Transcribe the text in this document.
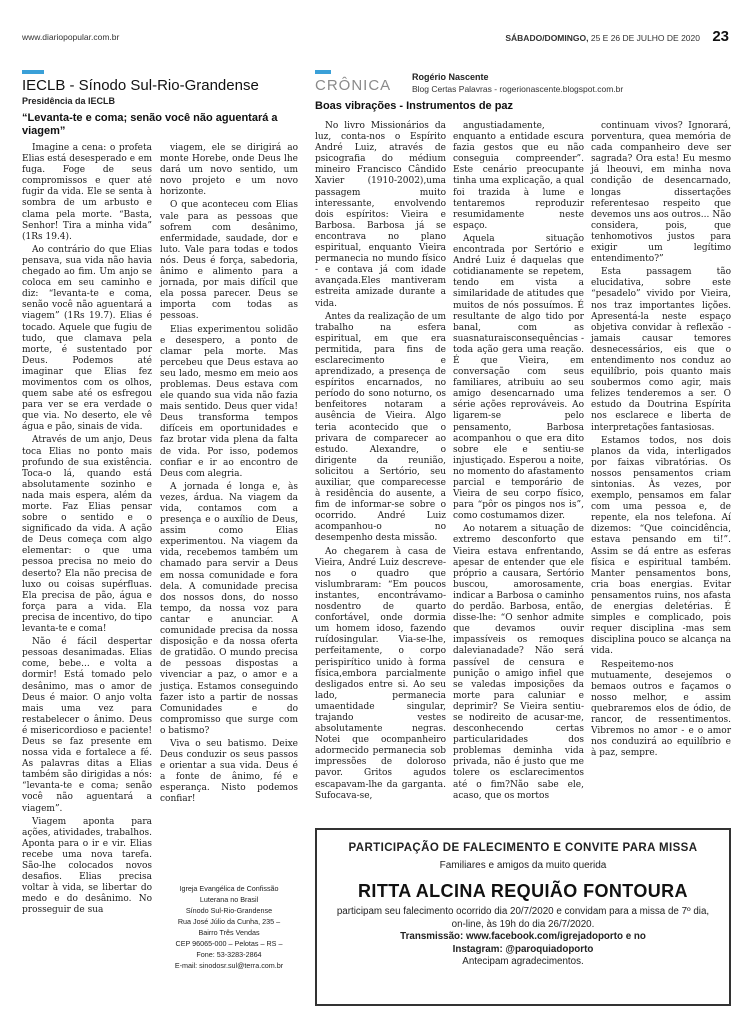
www.diariopopular.com.br	SÁBADO/DOMINGO, 25 E 26 DE JULHO DE 2020 23
IECLB - Sínodo Sul-Rio-Grandense
Presidência da IECLB
“Levanta-te e coma; senão você não aguentará a viagem”

Imagine a cena: o profeta Elias está desesperado e em fuga. Foge de seus compromissos e quer até fugir da vida. Ele se senta à sombra de um arbusto e clama pela morte. “Basta, Senhor! Tira a minha vida” (1Rs 19.4).

Ao contrário do que Elias pensava, sua vida não havia chegado ao fim. Um anjo se coloca em seu caminho e diz: “levanta-te e coma, senão você não aguentará a viagem” (1Rs 19.7). Elias é tocado. Aquele que fugiu de tudo, que clamava pela morte, é sustentado por Deus. Podemos até imaginar que Elias fez movimentos com os olhos, quem sabe até os esfregou para ver se era verdade o que via. No deserto, ele vê água e pão, sinais de vida.

Através de um anjo, Deus toca Elias no ponto mais profundo de sua existência. Toca-o lá, quando está absolutamente sozinho e nada mais espera, além da morte. Faz Elias pensar sobre o sentido e o significado da vida. A ação de Deus começa com algo elementar: o que uma pessoa precisa no meio do deserto? Ela não precisa de luxo ou coisas supérfluas. Ela precisa de pão, água e força para a vida. Ela precisa de incentivo, do tipo levanta-te e coma!

Não é fácil despertar pessoas desanimadas. Elias come, bebe... e volta a dormir! Está tomado pelo desânimo, mas o amor de Deus é maior. O anjo volta mais uma vez para restabelecer o ânimo. Deus é misericordioso e paciente! Deus se faz presente em nossa vida e fortalece a fé. As palavras ditas a Elias também são dirigidas a nós: “levanta-te e coma; senão você não aguentará a viagem”.

Viagem aponta para ações, atividades, trabalhos. Aponta para o ir e vir. Elias recebe uma nova tarefa. São-lhe colocados novos desafios. Elias precisa voltar à vida, se libertar do medo e do desânimo. No prosseguir de sua

viagem, ele se dirigirá ao monte Horebe, onde Deus lhe dará um novo sentido, um novo projeto e um novo horizonte.

O que aconteceu com Elias vale para as pessoas que sofrem com desânimo, enfermidade, saudade, dor e luto. Vale para todas e todos nós. Deus é força, sabedoria, ânimo e alimento para a jornada, por mais difícil que ela possa parecer. Deus se importa com todas as pessoas.

Elias experimentou solidão e desespero, a ponto de clamar pela morte. Mas percebeu que Deus estava ao seu lado, mesmo em meio aos problemas. Deus estava com ele quando sua vida não fazia mais sentido. Deus quer vida! Deus transforma tempos difíceis em oportunidades e faz brotar vida plena da falta de vida. Por isso, podemos confiar e ir ao encontro de Deus com alegria.

A jornada é longa e, às vezes, árdua. Na viagem da vida, contamos com a presença e o auxílio de Deus, assim como Elias experimentou. Na viagem da vida, recebemos também um chamado para servir a Deus em nossa comunidade e fora dela. A comunidade precisa dos nossos dons, do nosso tempo, da nossa voz para cantar e anunciar. A comunidade precisa da nossa disposição e da nossa oferta de gratidão. O mundo precisa de pessoas dispostas a vivenciar a paz, o amor e a justiça. Estamos conseguindo fazer isto a partir de nossas Comunidades e do compromisso que surge com o batismo?

Viva o seu batismo. Deixe Deus conduzir os seus passos e orientar a sua vida. Deus é a fonte de ânimo, fé e esperança. Nisto podemos confiar!

Igreja Evangélica de Confissão
Luterana no Brasil
Sínodo Sul-Rio-Grandense
Rua José Júlio da Cunha, 235 –
Bairro Três Vendas
CEP 96065-000 – Pelotas – RS –
Fone: 53-3283-2864
E-mail: sinodosr.sul@terra.com.br
CRÔNICA Rogério Nascente
Blog Certas Palavras - rogerionascente.blogspot.com.br
Boas vibrações - Instrumentos de paz

No livro Missionários da luz, conta-nos o Espírito André Luiz, através de psicografia do médium mineiro Francisco Cândido Xavier (1910-2002),uma passagem muito interessante, envolvendo dois espíritos: Vieira e Barbosa. Barbosa já se encontrava no plano espiritual, enquanto Vieira permanecia no mundo físico - e contava já com idade avançada.Eles mantiveram estreita amizade durante a vida.

Antes da realização de um trabalho na esfera espiritual, em que era permitida, para fins de esclarecimento e aprendizado, a presença de espíritos encarnados, no período do sono noturno, os benfeitores notaram a ausência de Vieira. Algo teria acontecido que o privara de comparecer ao estudo. Alexandre, o dirigente da reunião, solicitou a Sertório, seu auxiliar, que comparecesse à residência do ausente, a fim de informar-se sobre o ocorrido. André Luiz acompanhou-o no desempenho desta missão.

Ao chegarem à casa de Vieira, André Luiz descreve-nos o quadro que vislumbraram: “Em poucos instantes, encontrávamo-nosdentro de quarto confortável, onde dormia um homem idoso, fazendo ruídosingular. Via-se-lhe, perfeitamente, o corpo perispirítico unido à forma física,embora parcialmente desligados entre si. Ao seu lado, permanecia umaentidade singular, trajando vestes absolutamente negras. Notei que ocompanheiro adormecido permanecia sob impressões de doloroso pavor. Gritos agudos escapavam-lhe da garganta. Sufocava-se,

angustiadamente, enquanto a entidade escura fazia gestos que eu não conseguia compreender”. Este cenário preocupante tinha uma explicação, a qual foi trazida à lume e tentaremos reproduzir resumidamente neste espaço.

Aquela situação encontrada por Sertório e André Luiz é daquelas que cotidianamente se repetem, tendo em vista a similaridade de atitudes que muitos de nós possuímos. É resultante de algo tido por banal, com as suasnaturaisconsequências - toda ação gera uma reação. É que Vieira, em conversação com seus familiares, atribuiu ao seu amigo desencarnado uma série ações reprováveis. Ao ligarem-se pelo pensamento, Barbosa acompanhou o que era dito sobre ele e sentiu-se injustiçado. Esperou a noite, no momento do afastamento parcial e temporário de Vieira de seu corpo físico, para “pôr os pingos nos is”, como costumamos dizer.

Ao notarem a situação de extremo desconforto que Vieira estava enfrentando, apesar de entender que ele próprio a causara, Sertório buscou, amorosamente, indicar a Barbosa o caminho do perdão. Barbosa, então, disse-lhe: “O senhor admite que devamos ouvir impassíveis os remoques dalevianadade? Não será passível de censura e punição o amigo infiel que se valedas imposições da morte para caluniar e deprimir? Se Vieira sentiu-se nodireito de acusar-me, desconhecendo certas particularidades dos problemas deminha vida privada, não é justo que me tolere os esclarecimentos até o fim?Não sabe ele, acaso, que os mortos

continuam vivos? Ignorará, porventura, quea memória de cada companheiro deve ser sagrada? Ora esta! Eu mesmo já lheouvi, em minha nova condição de desencarnado, longas dissertações referentesao respeito que devemos uns aos outros... Não considera, pois, que tenhomotivos justos para exigir um legítimo entendimento?”

Esta passagem tão elucidativa, sobre este “pesadelo” vivido por Vieira, nos traz importantes lições. Apresentá-la neste espaço objetiva convidar à reflexão - jamais causar temores desnecessários, eis que o entendimento nos conduz ao equilíbrio, pois quanto mais soubermos como agir, mais felizes tenderemos a ser. O estudo da Doutrina Espírita nos esclarece e liberta de interpretações fantasiosas.

Estamos todos, nos dois planos da vida, interligados por faixas vibratórias. Os nossos pensamentos criam sintonias. Às vezes, por exemplo, pensamos em falar com uma pessoa e, de repente, ela nos telefona. Aí dizemos: “Que coincidência, estava pensando em ti!”. Assim se dá entre as esferas física e espiritual também. Manter pensamentos bons, cria boas energias. Evitar pensamentos ruins, nos afasta de energias deletérias. É simples e complicado, pois requer disciplina -mas sem disciplina pouco se alcança na vida.

Respeitemo-nos mutuamente, desejemos o bemaos outros e façamos o nosso melhor, e assim quebraremos elos de ódio, de rancor, de ressentimentos. Vibremos no amor - e o amor nos conduzirá ao equilíbrio e à paz, sempre.

PARTICIPAÇÃO DE FALECIMENTO E CONVITE PARA MISSA
Familiares e amigos da muito querida
RITTA ALCINA REQUIÃO FONTOURA
participam seu falecimento ocorrido dia 20/7/2020 e convidam para a missa de 7º dia, on-line, às 19h do dia 26/7/2020.
Transmissão: www.facebook.com/igrejadoporto e no
Instagram: @paroquiadoporto
Antecipam agradecimentos.
